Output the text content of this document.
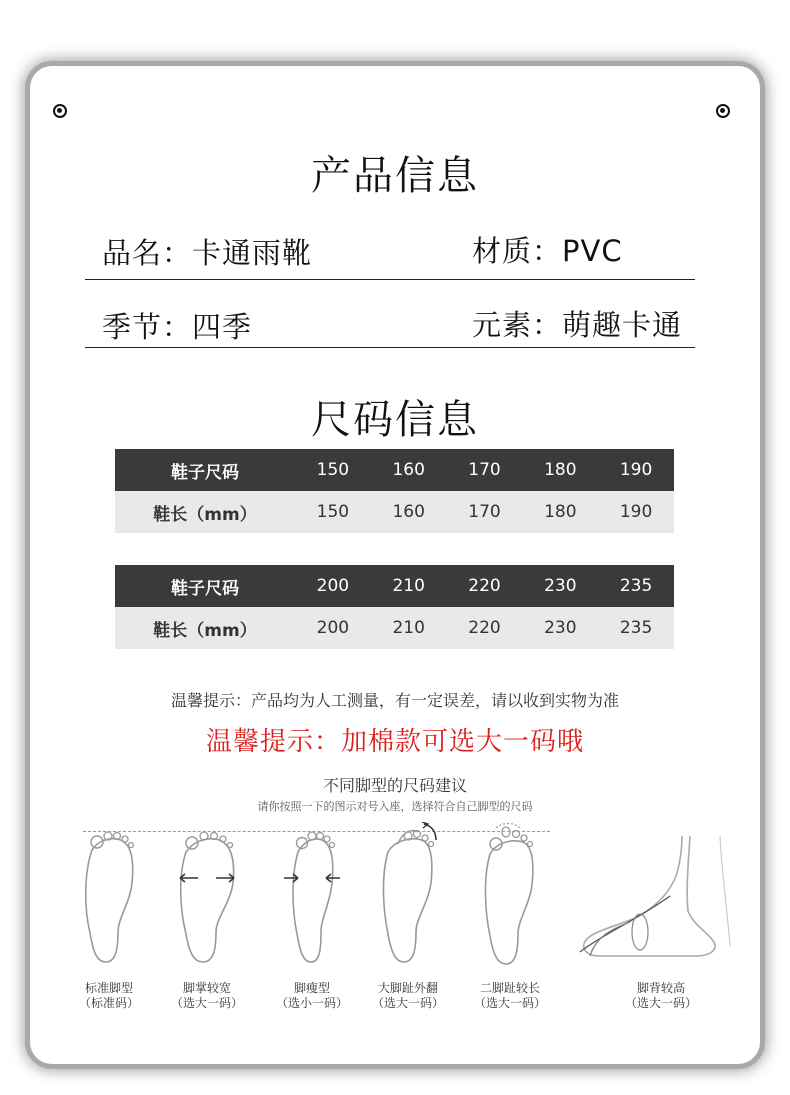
产品信息
品名：卡通雨靴	材质：PVC
季节：四季	元素：萌趣卡通
尺码信息
鞋子尺码	150	160	170	180	190
鞋长（mm）	150	160	170	180	190
鞋子尺码	200	210	220	230	235
鞋长（mm）	200	210	220	230	235
温馨提示：产品均为人工测量，有一定误差，请以收到实物为准
温馨提示：加棉款可选大一码哦
不同脚型的尺码建议
请你按照一下的图示对号入座，选择符合自己脚型的尺码
标准脚型
（标准码）
脚掌较宽
（选大一码）
脚瘦型
（选小一码）
大脚趾外翻
（选大一码）
二脚趾较长
（选大一码）
脚背较高
（选大一码）
